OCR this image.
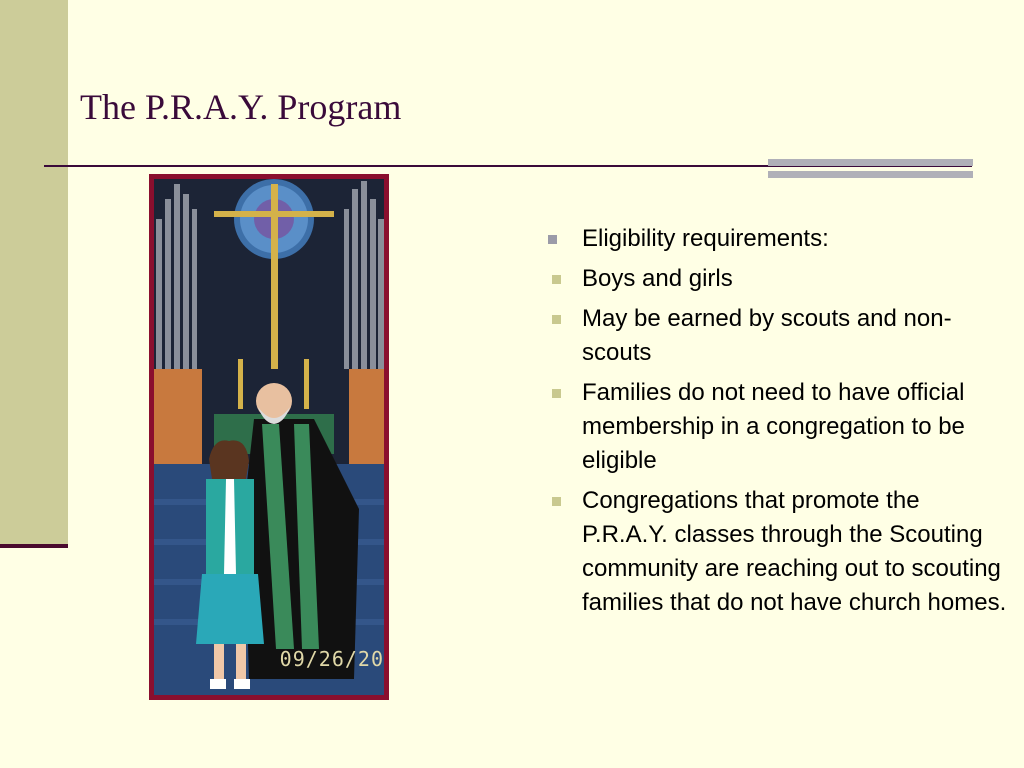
The P.R.A.Y. Program
09/26/20
Eligibility requirements:
Boys and girls
May be earned by scouts and non-scouts
Families do not need to have official membership in a congregation to be eligible
Congregations that promote the P.R.A.Y. classes through the Scouting community are reaching out to scouting families that do not have church homes.
